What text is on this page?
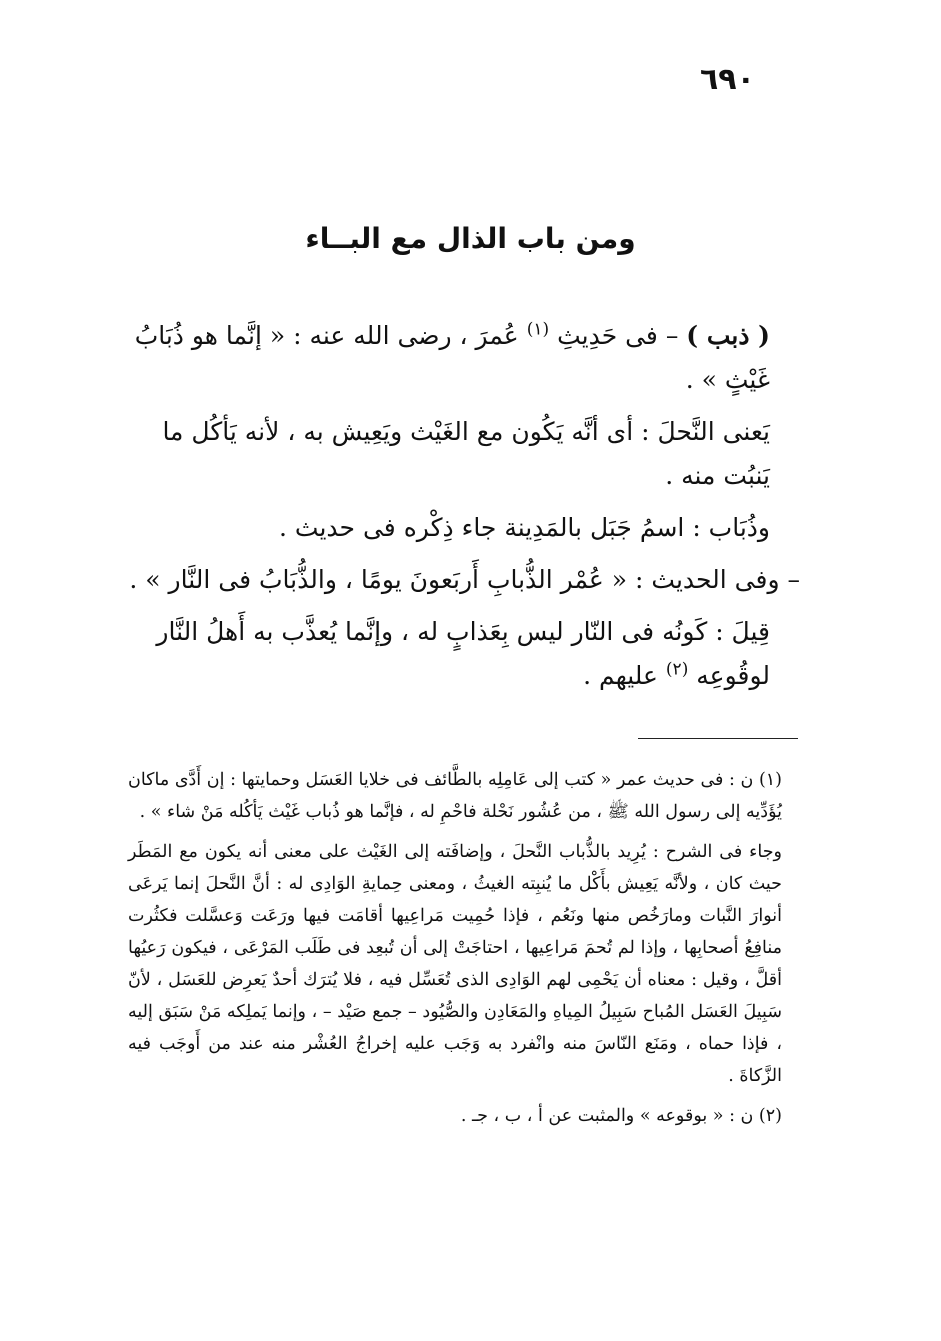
٦٩٠
ومن باب الذال مع البــاء

( ذبب ) – فى حَدِيثِ $^{(١)}$ عُمرَ ، رضى الله عنه : « إنَّما هو ذُبَابُ غَيْثٍ » .

يَعنى النَّحلَ : أى أنَّه يَكُون مع الغَيْث ويَعِيش به ، لأنه يَأكُل ما يَنبُت منه .

وذُبَاب : اسمُ جَبَل بالمَدِينة جاء ذِكْره فى حديث .

– وفى الحديث : « عُمْر الذُّبابِ أَربَعونَ يومًا ، والذُّبَابُ فى النَّار » .

قِيلَ : كَونُه فى النّار ليس بِعَذابٍ له ، وإنَّما يُعذَّب به أَهلُ النَّار لوقُوعِه $^{(٢)}$ عليهم .

(١) ن : فى حديث عمر « كتب إلى عَامِلِه بالطَّائف فى خلايا العَسَل وحمايتها : إن أَدَّى ماكان يُؤَدِّيه إلى رسول الله ﷺ ، من عُشُور نَحْلة فاحْمِ له ، فإنَّما هو ذُباب غَيْث يَأكُله مَنْ شاء » .

وجاء فى الشرح : يُرِيد بالذُّباب النَّحلَ ، وإضافَته إلى الغَيْث على معنى أنه يكون مع المَطَر حيث كان ، ولأنَّه يَعِيش بأَكْل ما يُنبِته الغيثُ ، ومعنى حِمايةِ الوَادِى له : أنَّ النَّحلَ إنما يَرعَى أنوارَ النَّبات ومارَخُص منها ونَعُم ، فإذا حُمِيت مَراعِيها أقامَت فيها ورَعَت وَعسَّلت فكثُرت منافِعُ أصحابِها ، وإذا لم تُحمَ مَراعِيها ، احتاجَتْ إلى أن تُبعِد فى طَلَب المَرْعَى ، فيكون رَعيُها أقلَّ ، وقيل : معناه أن يَحْمِى لهم الوَادِى الذى تُعَسِّل فيه ، فلا يُترَك أحدٌ يَعرِض للعَسَل ، لأنّ سَبِيلَ العَسَل المُباح سَبِيلُ المِياهِ والمَعَادِن والصُّيُود – جمع صَيْد – ، وإنما يَملِكه مَنْ سَبَق إليه ، فإذا حماه ، ومَنَع النّاسَ منه وانْفرد به وَجَب عليه إخراجُ العُشْر منه عند من أَوجَب فيه الزَّكاةَ .

(٢) ن : « بوقوعه » والمثبت عن أ ، ب ، جـ .
